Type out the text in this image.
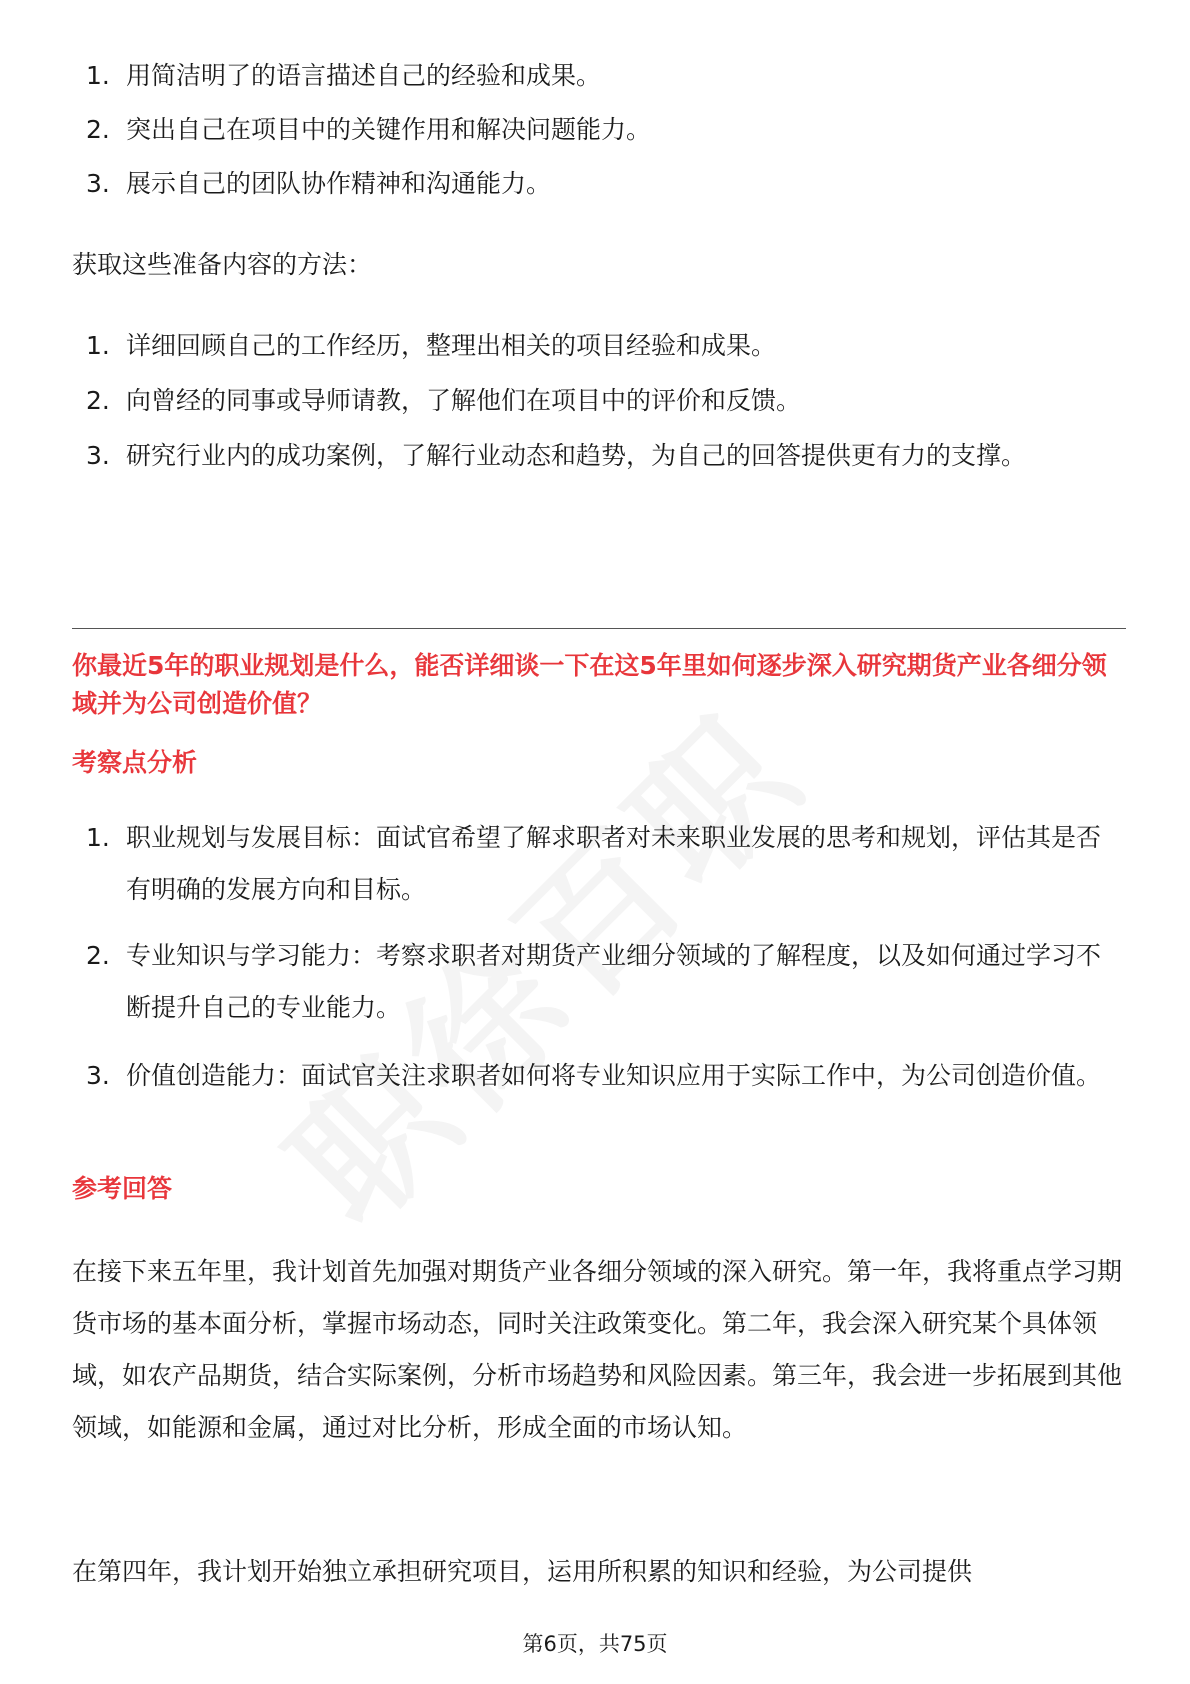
1. 用简洁明了的语言描述自己的经验和成果。
2. 突出自己在项目中的关键作用和解决问题能力。
3. 展示自己的团队协作精神和沟通能力。

获取这些准备内容的方法：

1. 详细回顾自己的工作经历，整理出相关的项目经验和成果。
2. 向曾经的同事或导师请教，了解他们在项目中的评价和反馈。
3. 研究行业内的成功案例，了解行业动态和趋势，为自己的回答提供更有力的支撑。
你最近5年的职业规划是什么，能否详细谈一下在这5年里如何逐步深入研究期货产业各细分领域并为公司创造价值？
考察点分析
1. 职业规划与发展目标：面试官希望了解求职者对未来职业发展的思考和规划，评估其是否有明确的发展方向和目标。
2. 专业知识与学习能力：考察求职者对期货产业细分领域的了解程度，以及如何通过学习不断提升自己的专业能力。
3. 价值创造能力：面试官关注求职者如何将专业知识应用于实际工作中，为公司创造价值。
参考回答

在接下来五年里，我计划首先加强对期货产业各细分领域的深入研究。第一年，我将重点学习期货市场的基本面分析，掌握市场动态，同时关注政策变化。第二年，我会深入研究某个具体领域，如农产品期货，结合实际案例，分析市场趋势和风险因素。第三年，我会进一步拓展到其他领域，如能源和金属，通过对比分析，形成全面的市场认知。

在第四年，我计划开始独立承担研究项目，运用所积累的知识和经验，为公司提供

第6页，共75页
